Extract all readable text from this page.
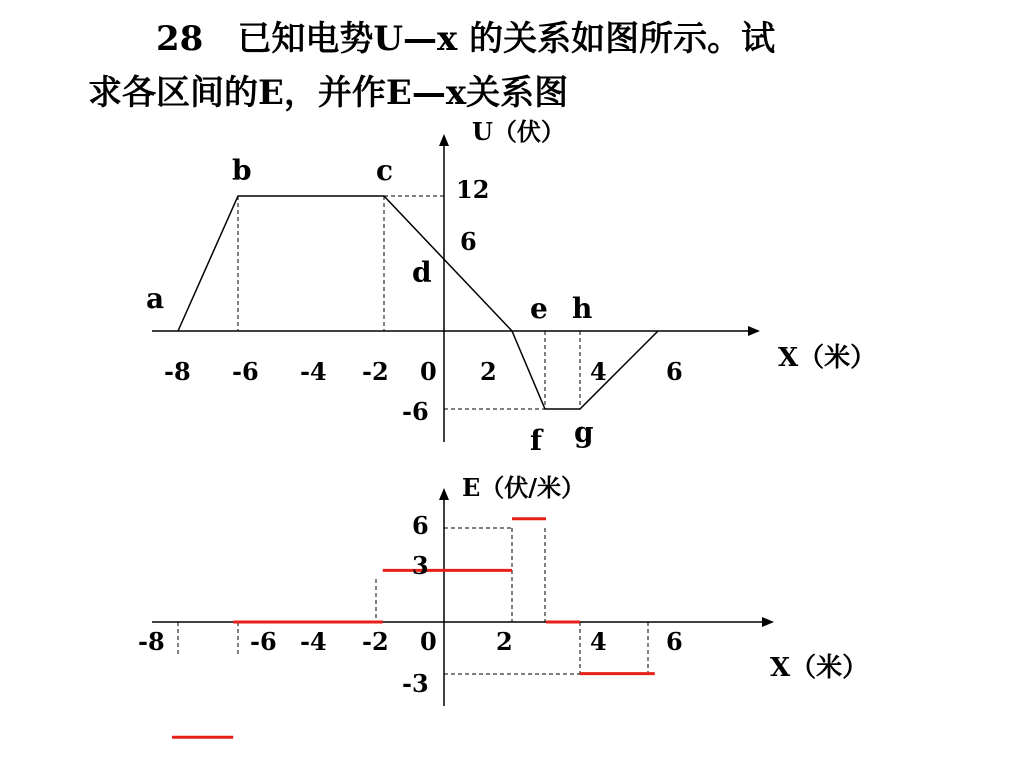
28　已知电势U—x 的关系如图所示。试
求各区间的E，并作E—x关系图
U（伏）
X（米）
12
6
-6
-8 -6 -4 -2 0 2	4 6
a
b	c
d
e
f g
h
E（伏/米）
X（米）
6
3
-3
-8	-6 -4 -2 0 2	4 6
